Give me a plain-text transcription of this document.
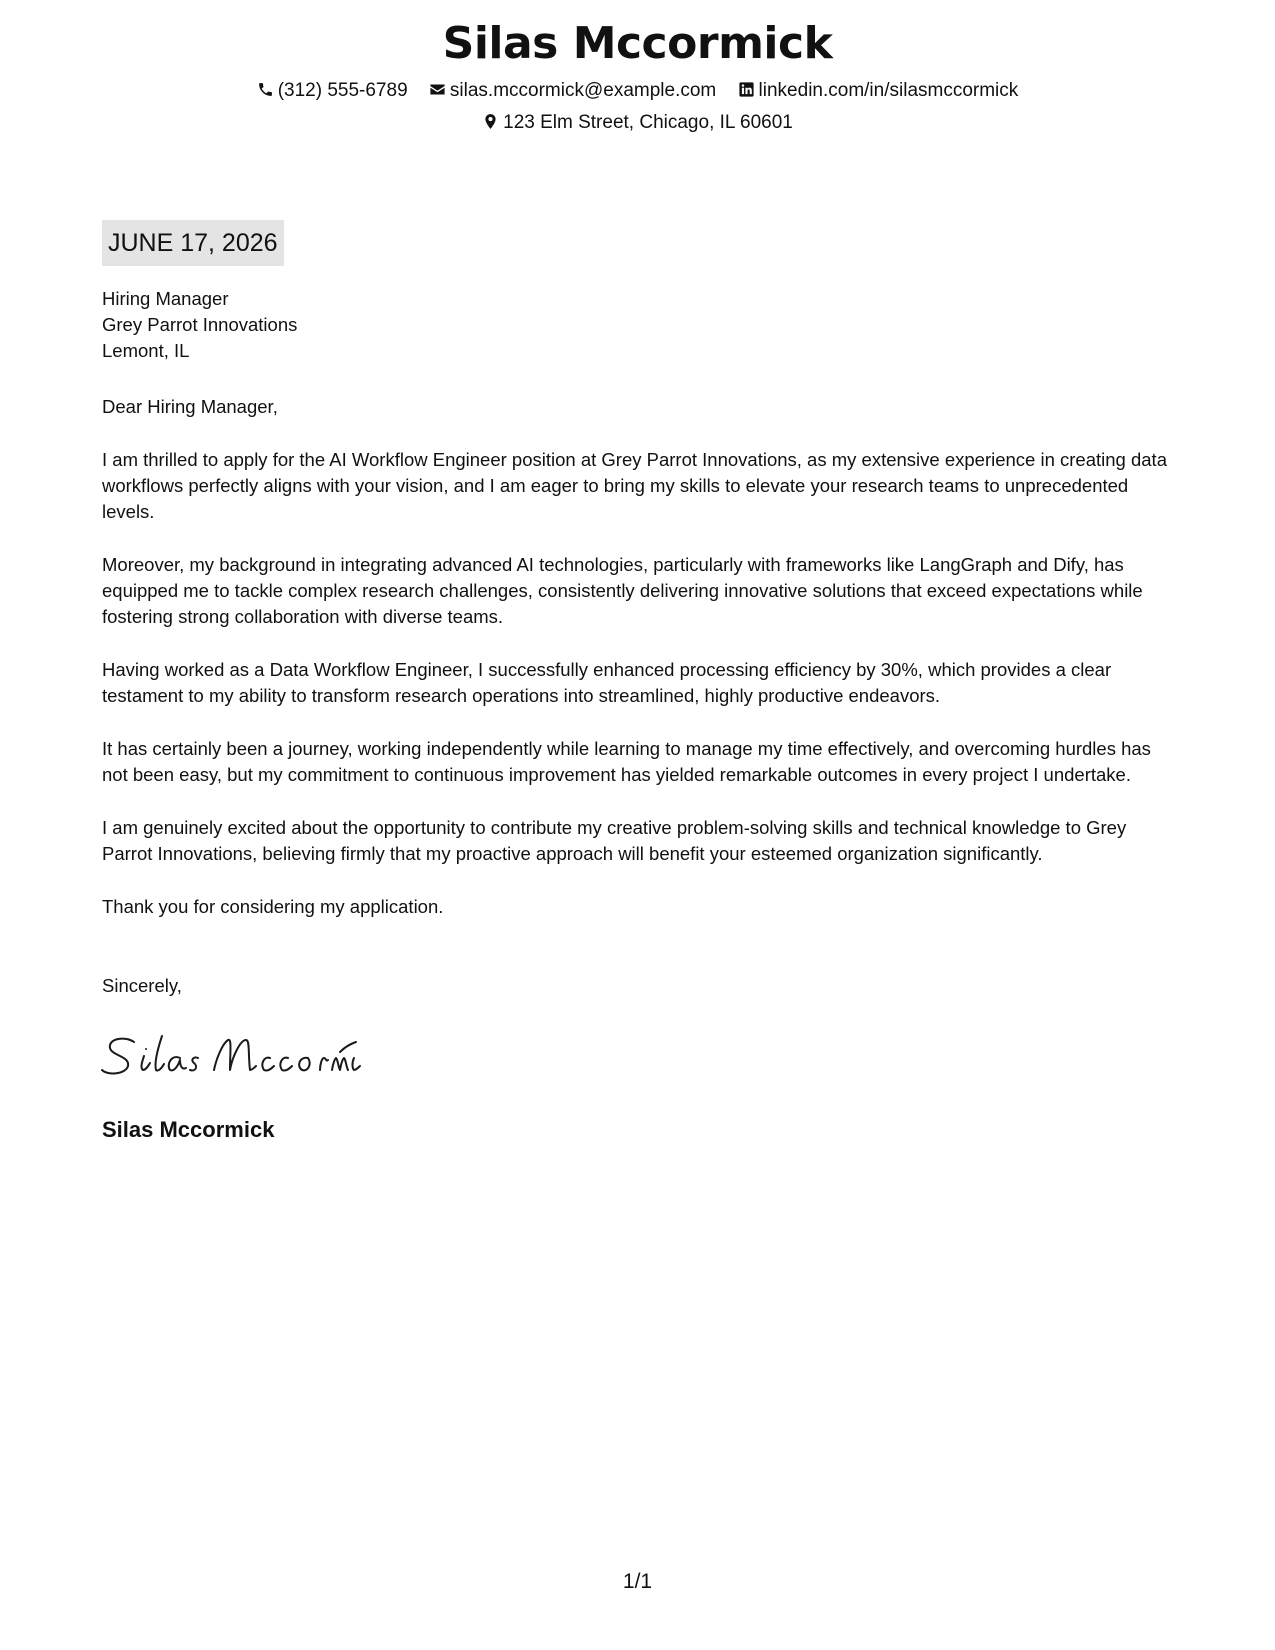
Silas Mccormick
(312) 555-6789 silas.mccormick@example.com linkedin.com/in/silasmccormick
123 Elm Street, Chicago, IL 60601
JUNE 17, 2026
Hiring Manager
Grey Parrot Innovations
Lemont, IL

Dear Hiring Manager,

I am thrilled to apply for the AI Workflow Engineer position at Grey Parrot Innovations, as my extensive experience in creating data workflows perfectly aligns with your vision, and I am eager to bring my skills to elevate your research teams to unprecedented levels.

Moreover, my background in integrating advanced AI technologies, particularly with frameworks like LangGraph and Dify, has equipped me to tackle complex research challenges, consistently delivering innovative solutions that exceed expectations while fostering strong collaboration with diverse teams.

Having worked as a Data Workflow Engineer, I successfully enhanced processing efficiency by 30%, which provides a clear testament to my ability to transform research operations into streamlined, highly productive endeavors.

It has certainly been a journey, working independently while learning to manage my time effectively, and overcoming hurdles has not been easy, but my commitment to continuous improvement has yielded remarkable outcomes in every project I undertake.

I am genuinely excited about the opportunity to contribute my creative problem-solving skills and technical knowledge to Grey Parrot Innovations, believing firmly that my proactive approach will benefit your esteemed organization significantly.

Thank you for considering my application.

Sincerely,

Silas Mccormick
1/1
